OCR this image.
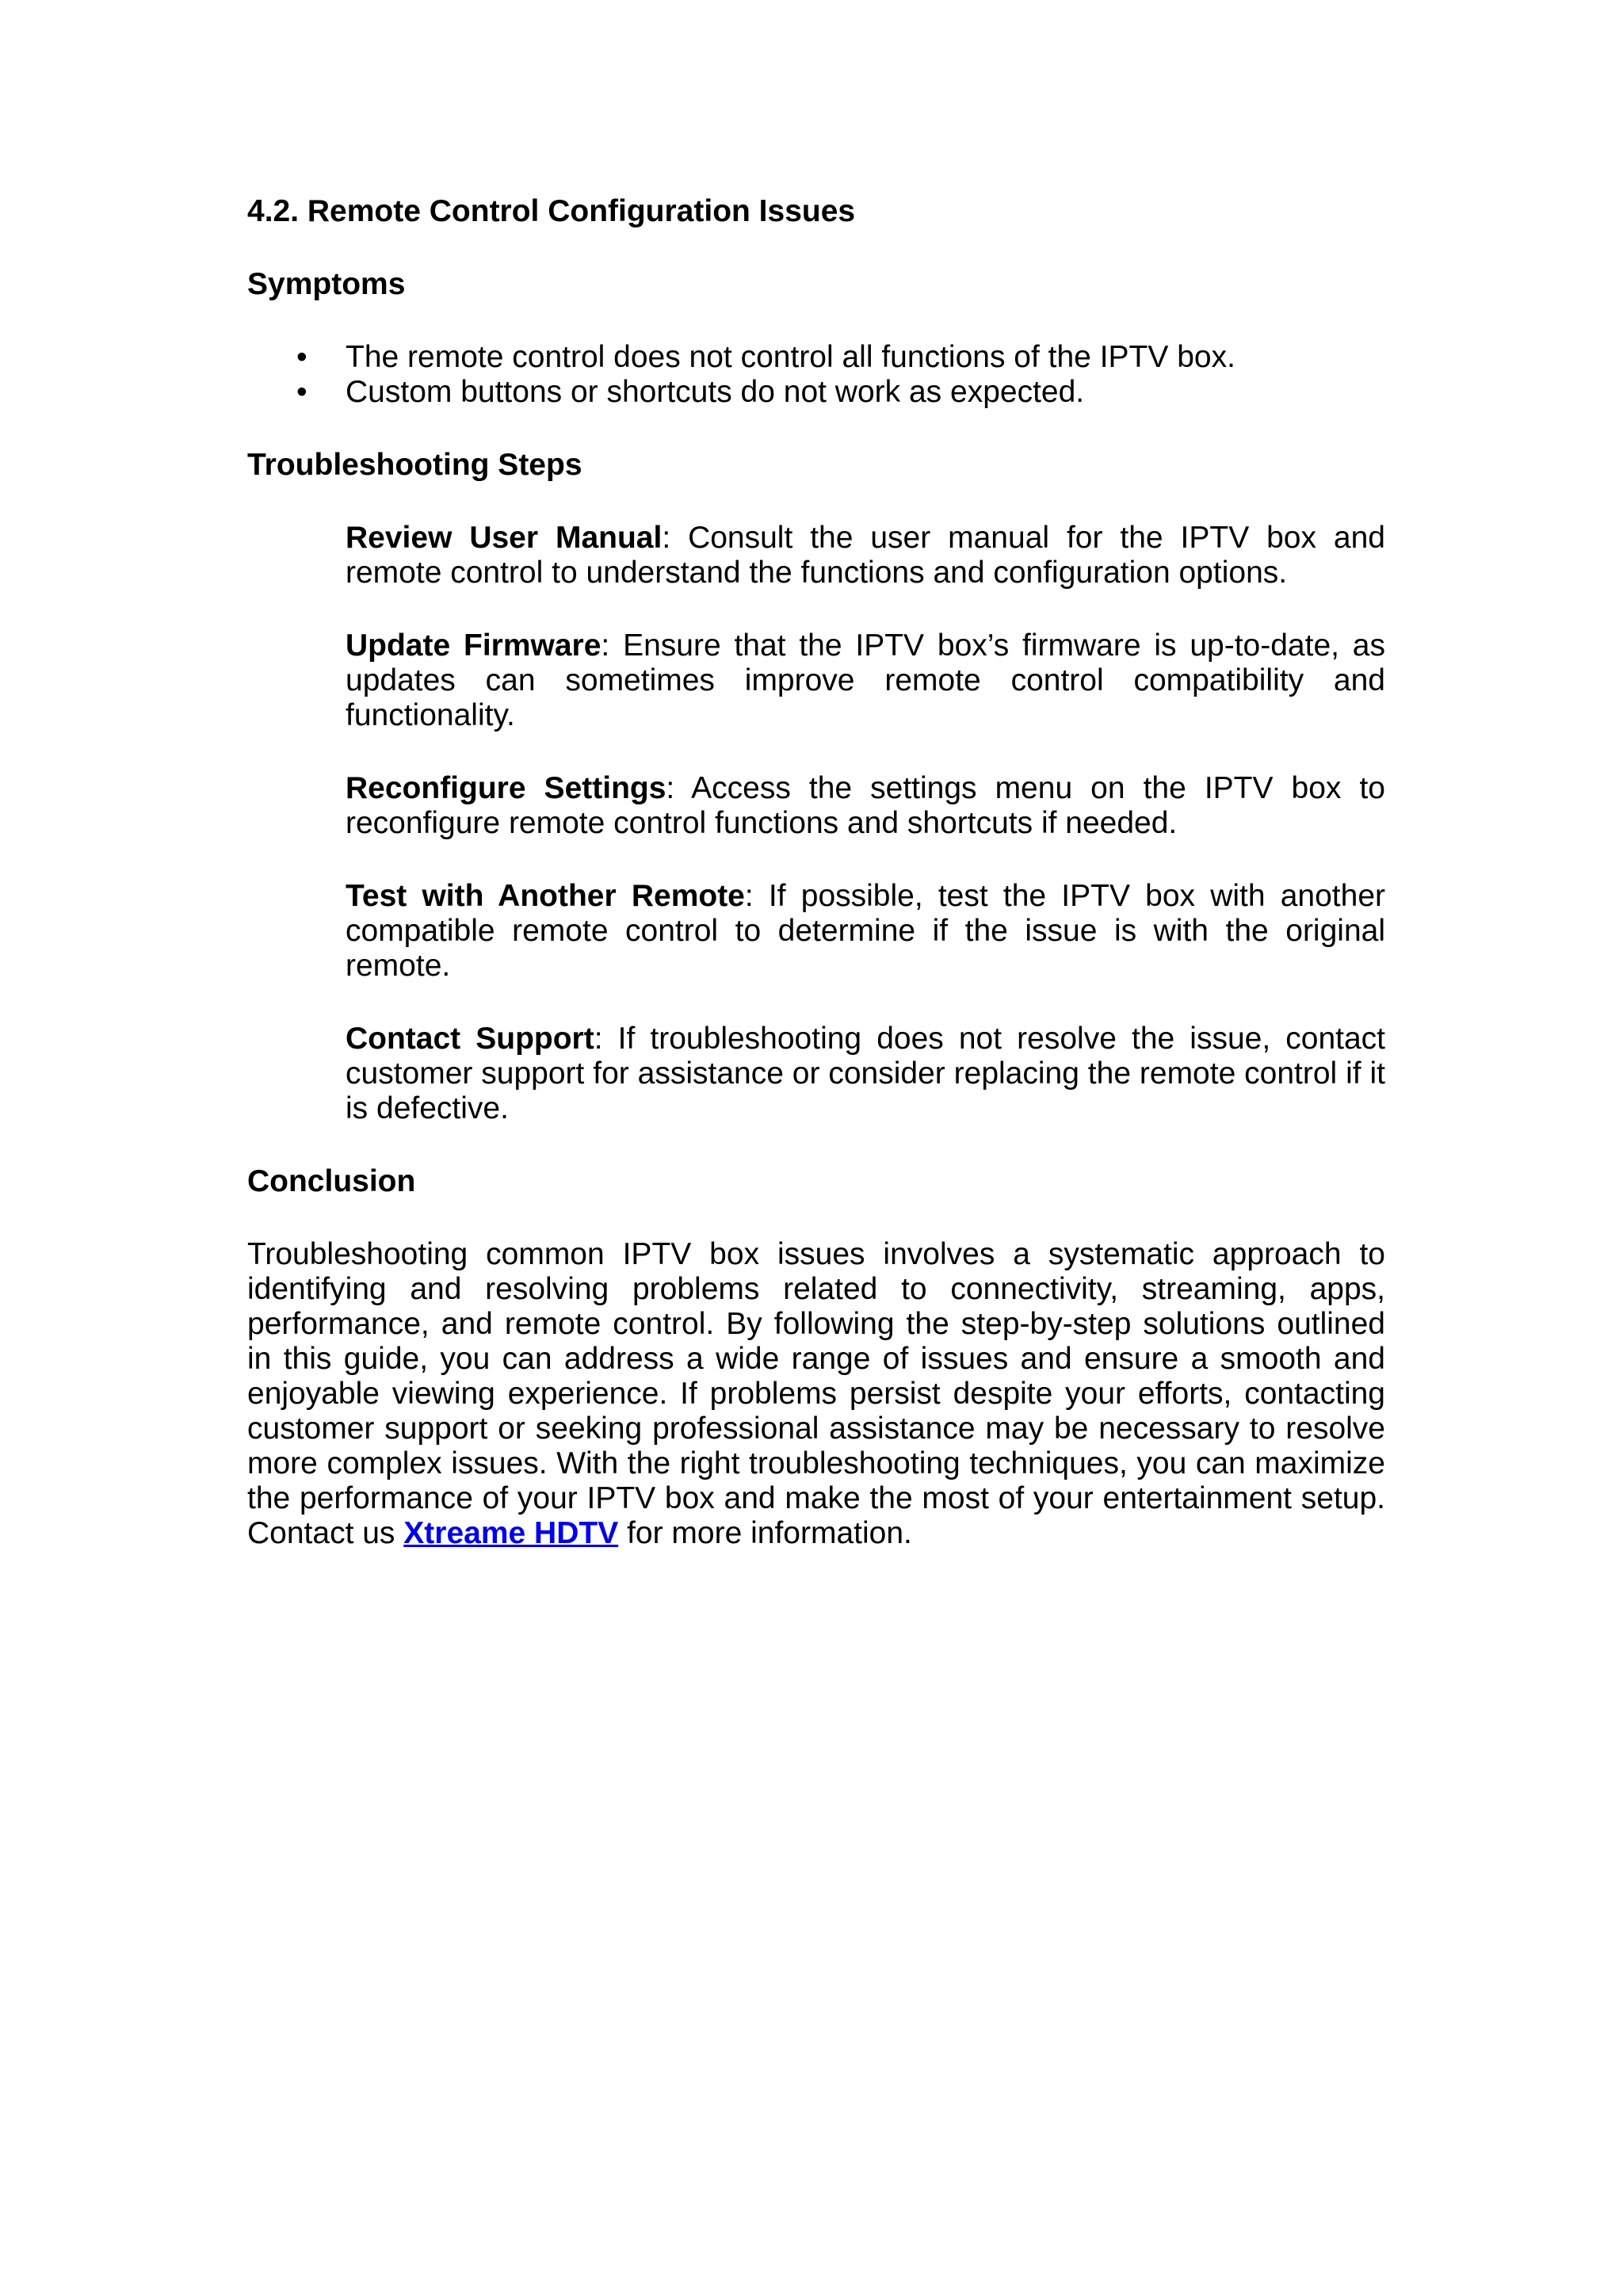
4.2. Remote Control Configuration Issues

Symptoms

• The remote control does not control all functions of the IPTV box.
• Custom buttons or shortcuts do not work as expected.

Troubleshooting Steps

Review User Manual: Consult the user manual for the IPTV box and remote control to understand the functions and configuration options.

Update Firmware: Ensure that the IPTV box’s firmware is up-to-date, as updates can sometimes improve remote control compatibility and functionality.

Reconfigure Settings: Access the settings menu on the IPTV box to reconfigure remote control functions and shortcuts if needed.

Test with Another Remote: If possible, test the IPTV box with another compatible remote control to determine if the issue is with the original remote.

Contact Support: If troubleshooting does not resolve the issue, contact customer support for assistance or consider replacing the remote control if it is defective.

Conclusion

Troubleshooting common IPTV box issues involves a systematic approach to identifying and resolving problems related to connectivity, streaming, apps, performance, and remote control. By following the step-by-step solutions outlined in this guide, you can address a wide range of issues and ensure a smooth and enjoyable viewing experience. If problems persist despite your efforts, contacting customer support or seeking professional assistance may be necessary to resolve more complex issues. With the right troubleshooting techniques, you can maximize the performance of your IPTV box and make the most of your entertainment setup. Contact us Xtreame HDTV for more information.
